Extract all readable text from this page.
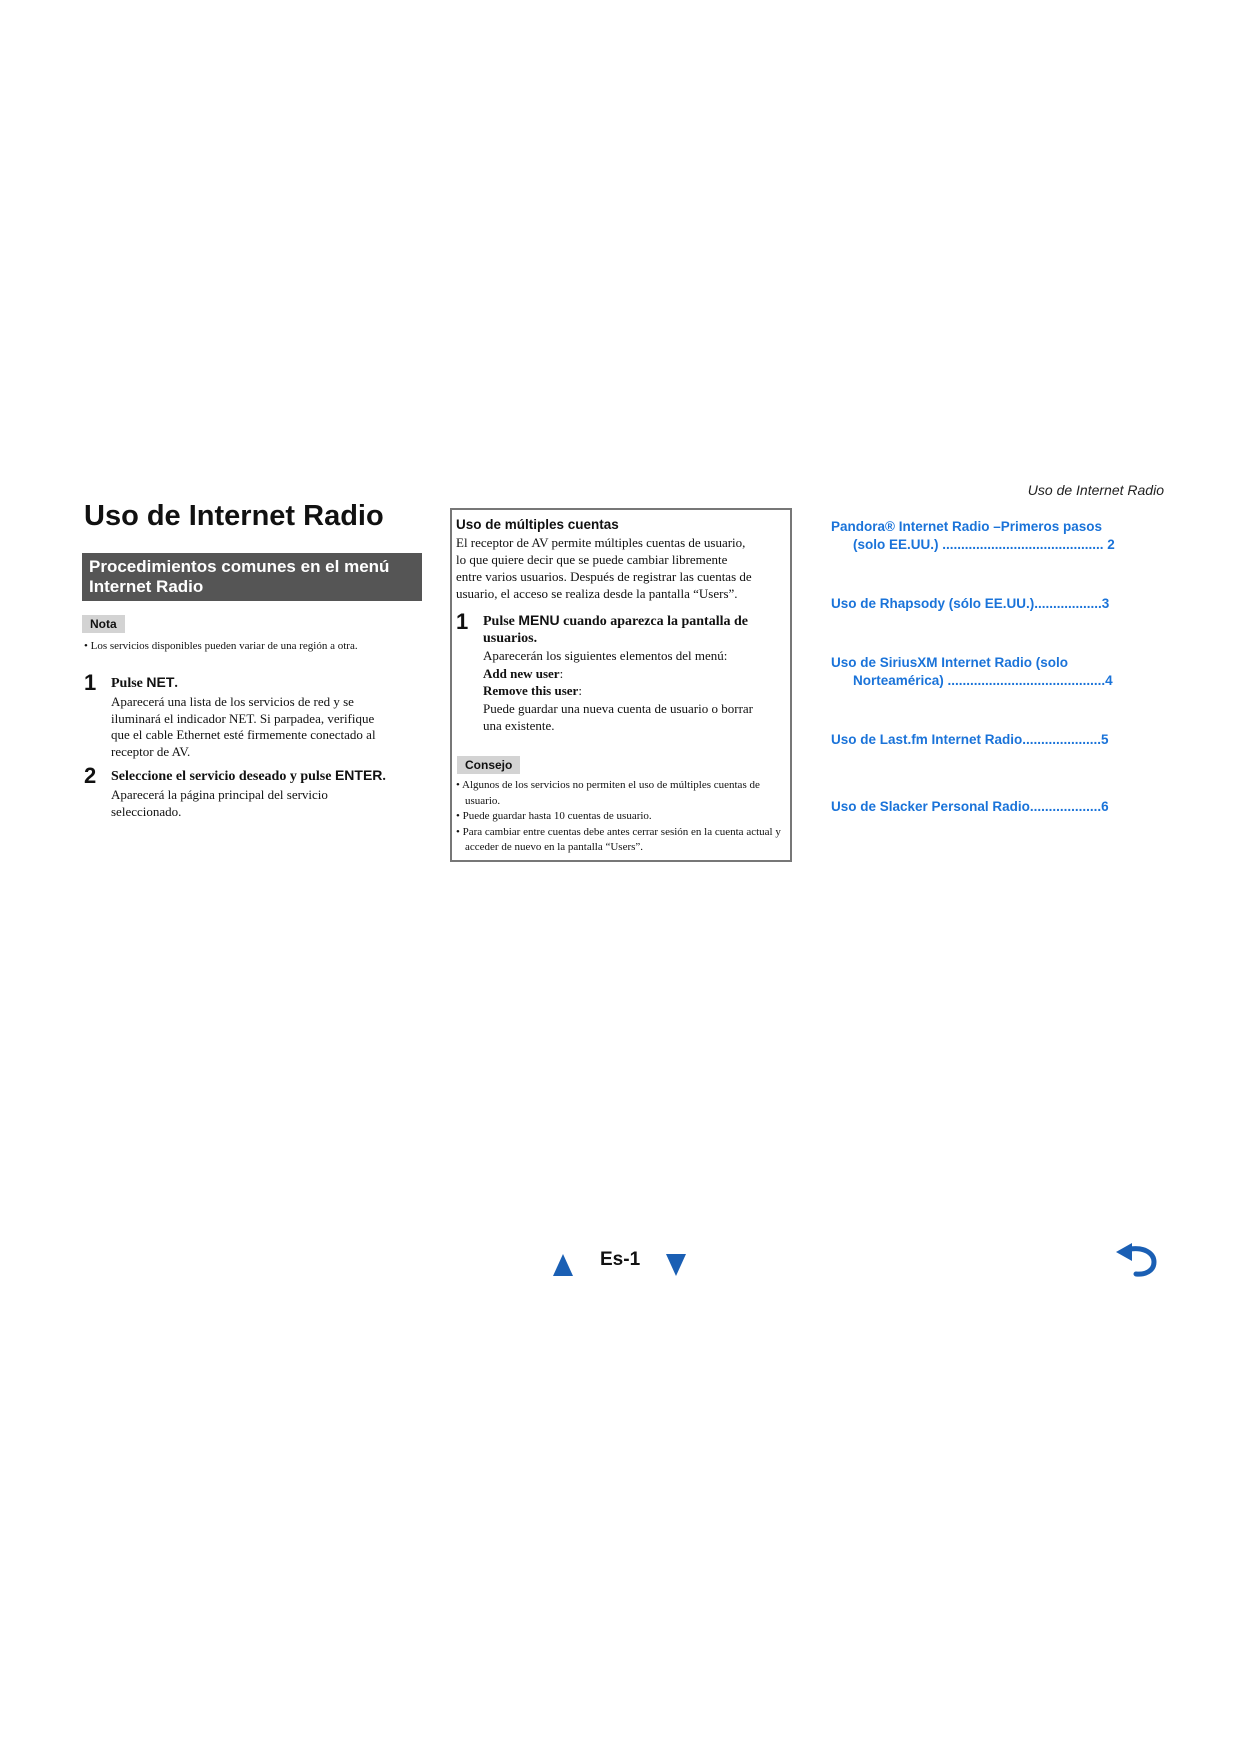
Uso de Internet Radio
Uso de Internet Radio
Procedimientos comunes en el menú Internet Radio
Nota
• Los servicios disponibles pueden variar de una región a otra.
1 Pulse NET.
Aparecerá una lista de los servicios de red y se
iluminará el indicador NET. Si parpadea, verifique
que el cable Ethernet esté firmemente conectado al
receptor de AV.
2 Seleccione el servicio deseado y pulse ENTER.
Aparecerá la página principal del servicio
seleccionado.
Uso de múltiples cuentas
El receptor de AV permite múltiples cuentas de usuario,
lo que quiere decir que se puede cambiar libremente
entre varios usuarios. Después de registrar las cuentas de
usuario, el acceso se realiza desde la pantalla “Users”.
1 Pulse MENU cuando aparezca la pantalla de
usuarios.
Aparecerán los siguientes elementos del menú:
Add new user:
Remove this user:
Puede guardar una nueva cuenta de usuario o borrar
una existente.
Consejo
• Algunos de los servicios no permiten el uso de múltiples cuentas de usuario.
• Puede guardar hasta 10 cuentas de usuario.
• Para cambiar entre cuentas debe antes cerrar sesión en la cuenta actual y acceder de nuevo en la pantalla “Users”.
Pandora® Internet Radio –Primeros pasos
(solo EE.UU.) ........................................... 2
Uso de Rhapsody (sólo EE.UU.)..................3
Uso de SiriusXM Internet Radio (solo
Norteamérica) ..........................................4
Uso de Last.fm Internet Radio.....................5
Uso de Slacker Personal Radio...................6
Es-1
